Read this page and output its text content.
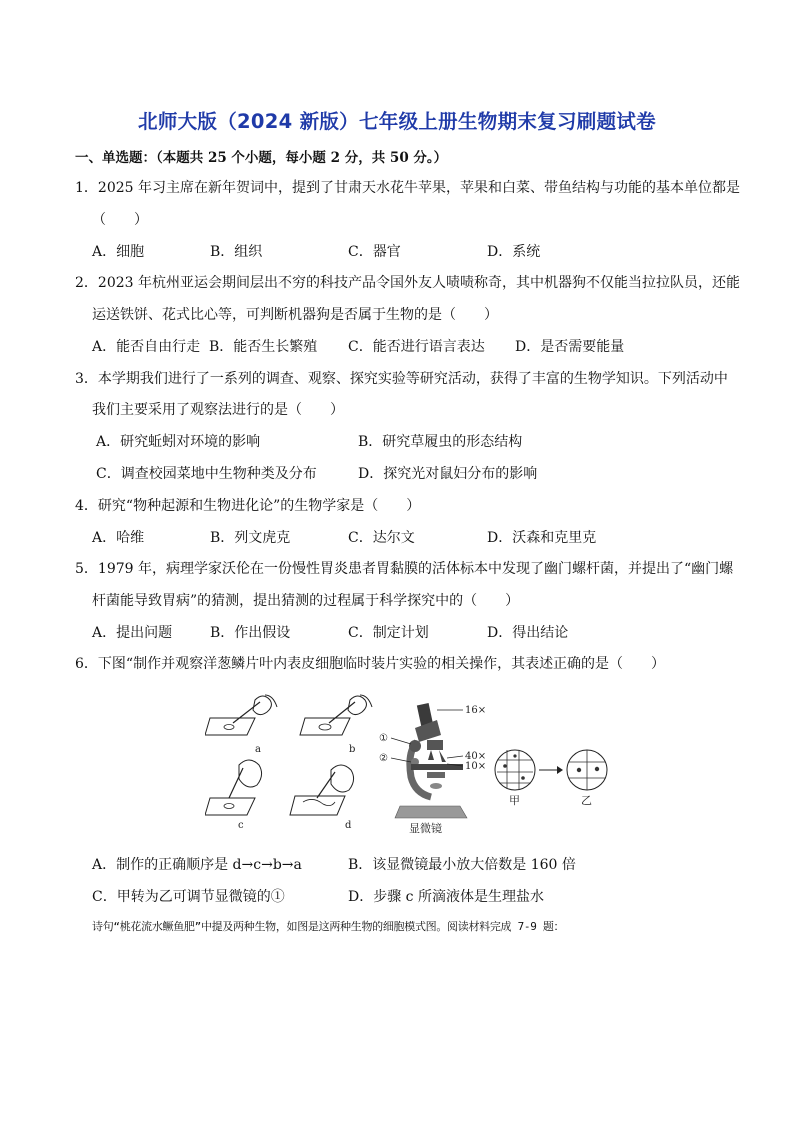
北师大版（2024 新版）七年级上册生物期末复习刷题试卷
一、单选题：（本题共 25 个小题，每小题 2 分，共 50 分。）
1．2025 年习主席在新年贺词中，提到了甘肃天水花牛苹果，苹果和白菜、带鱼结构与功能的基本单位都是
（　　）
A．细胞	B．组织	C．器官	D．系统
2．2023 年杭州亚运会期间层出不穷的科技产品令国外友人啧啧称奇，其中机器狗不仅能当拉拉队员，还能
运送铁饼、花式比心等，可判断机器狗是否属于生物的是（　　）
A．能否自由行走 B．能否生长繁殖 C．能否进行语言表达 D．是否需要能量
3．本学期我们进行了一系列的调查、观察、探究实验等研究活动，获得了丰富的生物学知识。下列活动中
我们主要采用了观察法进行的是（　　）
A．研究蚯蚓对环境的影响	B．研究草履虫的形态结构
C．调查校园菜地中生物种类及分布	D．探究光对鼠妇分布的影响
4．研究“物种起源和生物进化论”的生物学家是（　　）
A．哈维	B．列文虎克	C．达尔文	D．沃森和克里克
5．1979 年，病理学家沃伦在一份慢性胃炎患者胃黏膜的活体标本中发现了幽门螺杆菌，并提出了“幽门螺
杆菌能导致胃病”的猜测，提出猜测的过程属于科学探究中的（　　）
A．提出问题	B．作出假设	C．制定计划	D．得出结论
6．下图“制作并观察洋葱鳞片叶内表皮细胞临时装片实验的相关操作，其表述正确的是（　　）
a	b
c	d
16×
40×
10×
①
②
显微镜
甲	乙
A．制作的正确顺序是 d→c→b→a	B．该显微镜最小放大倍数是 160 倍
C．甲转为乙可调节显微镜的①	D．步骤 c 所滴液体是生理盐水
诗句“桃花流水鳜鱼肥”中提及两种生物，如图是这两种生物的细胞模式图。阅读材料完成 7-9 题：
